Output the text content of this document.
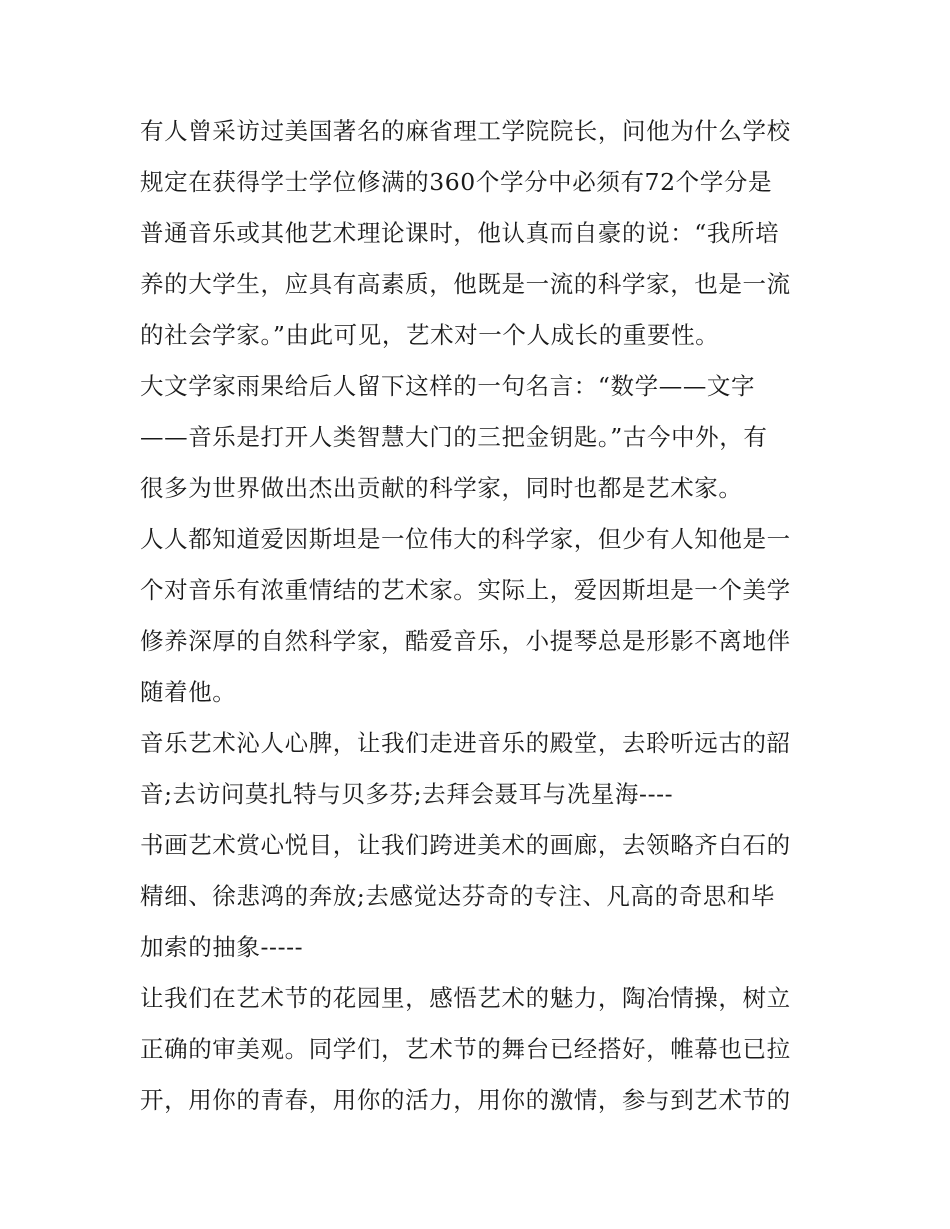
有人曾采访过美国著名的麻省理工学院院长，问他为什么学校
规定在获得学士学位修满的360个学分中必须有72个学分是
普通音乐或其他艺术理论课时，他认真而自豪的说：“我所培
养的大学生，应具有高素质，他既是一流的科学家，也是一流
的社会学家。”由此可见，艺术对一个人成长的重要性。
大文学家雨果给后人留下这样的一句名言：“数学——文字
——音乐是打开人类智慧大门的三把金钥匙。”古今中外，有
很多为世界做出杰出贡献的科学家，同时也都是艺术家。
人人都知道爱因斯坦是一位伟大的科学家，但少有人知他是一
个对音乐有浓重情结的艺术家。实际上，爱因斯坦是一个美学
修养深厚的自然科学家，酷爱音乐，小提琴总是形影不离地伴
随着他。
音乐艺术沁人心脾，让我们走进音乐的殿堂，去聆听远古的韶
音;去访问莫扎特与贝多芬;去拜会聂耳与冼星海----
书画艺术赏心悦目，让我们跨进美术的画廊，去领略齐白石的
精细、徐悲鸿的奔放;去感觉达芬奇的专注、凡高的奇思和毕
加索的抽象-----
让我们在艺术节的花园里，感悟艺术的魅力，陶冶情操，树立
正确的审美观。同学们，艺术节的舞台已经搭好，帷幕也已拉
开，用你的青春，用你的活力，用你的激情，参与到艺术节的
